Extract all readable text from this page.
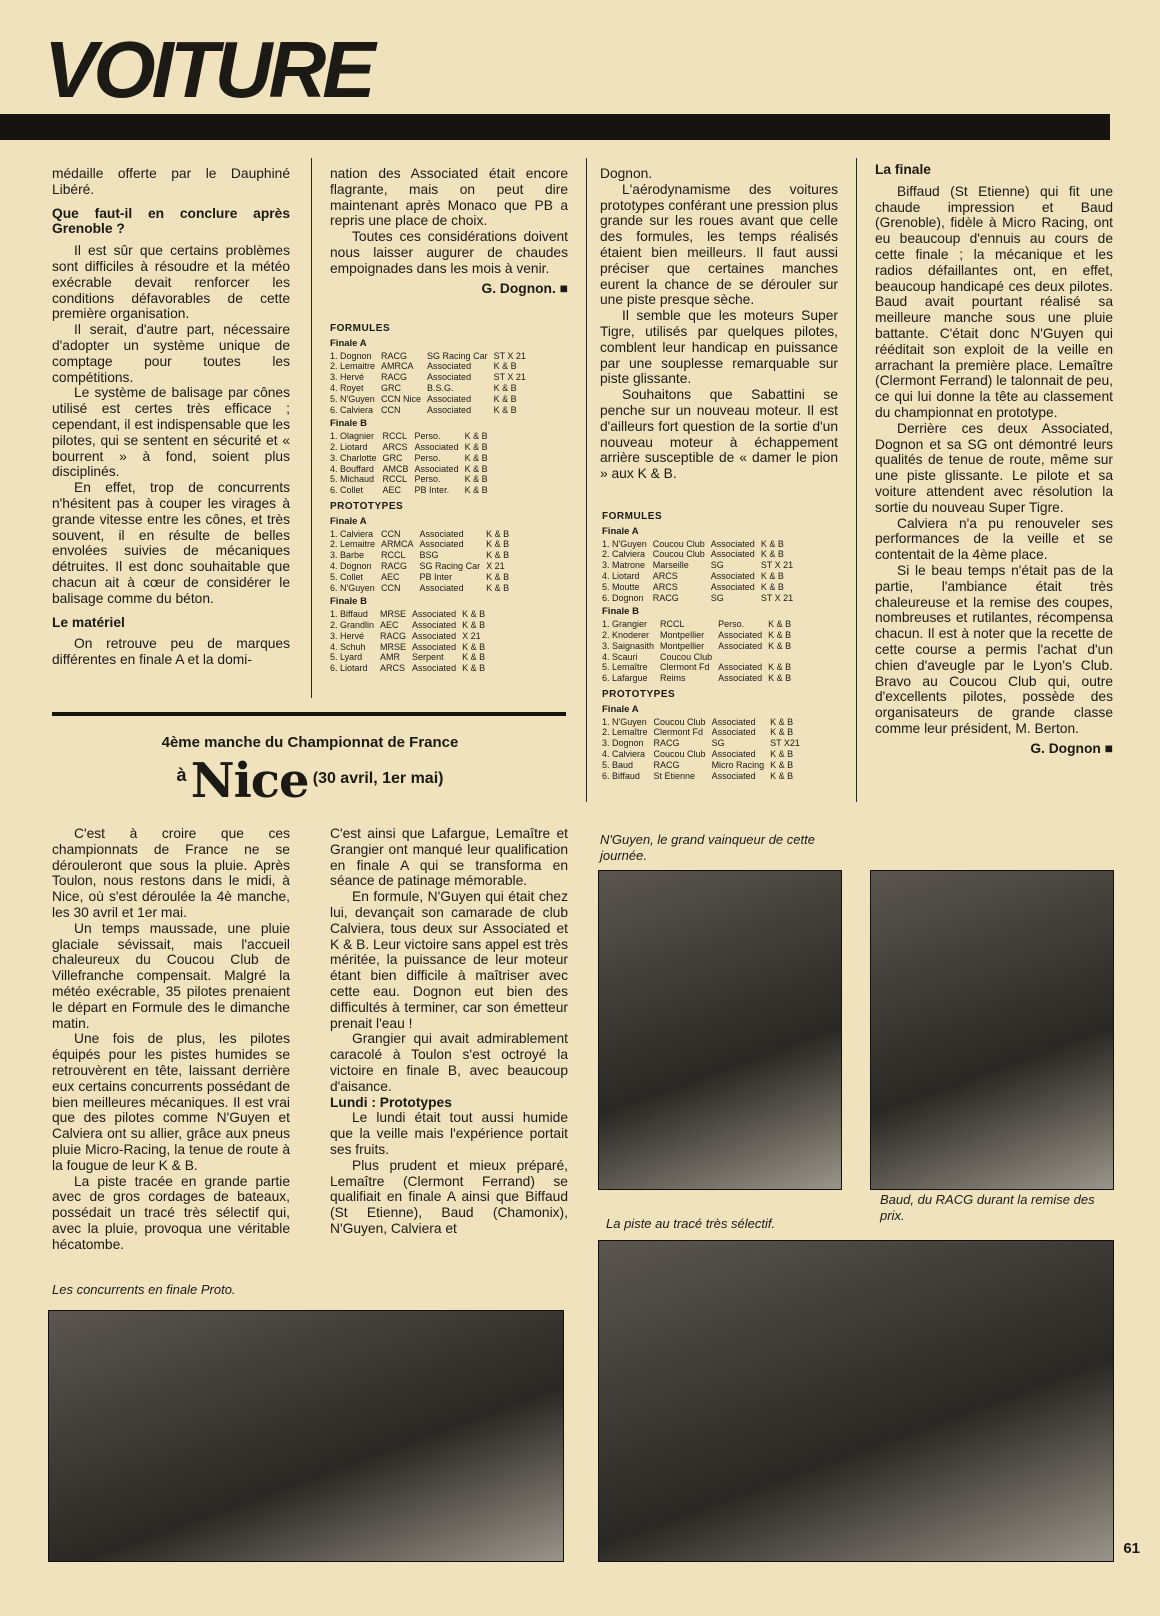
VOITURE

médaille offerte par le Dauphiné Libéré.

Que faut-il en conclure après Grenoble ?

Il est sûr que certains problèmes sont difficiles à résoudre et la météo exécrable devait renforcer les conditions défavorables de cette première organisation.

Il serait, d'autre part, nécessaire d'adopter un système unique de comptage pour toutes les compétitions.

Le système de balisage par cônes utilisé est certes très efficace ; cependant, il est indispensable que les pilotes, qui se sentent en sécurité et « bourrent » à fond, soient plus disciplinés.

En effet, trop de concurrents n'hésitent pas à couper les virages à grande vitesse entre les cônes, et très souvent, il en résulte de belles envolées suivies de mécaniques détruites. Il est donc souhaitable que chacun ait à cœur de considérer le balisage comme du béton.

Le matériel

On retrouve peu de marques différentes en finale A et la domi-

nation des Associated était encore flagrante, mais on peut dire maintenant après Monaco que PB a repris une place de choix.

Toutes ces considérations doivent nous laisser augurer de chaudes empoignades dans les mois à venir.

G. Dognon. ■
FORMULES
Finale A
1. Dognon	RACG	SG Racing Car	ST X 21
2. Lemaitre	AMRCA	Associated	K & B
3. Hervé	RACG	Associated	ST X 21
4. Royet	GRC	B.S.G.	K & B
5. N'Guyen	CCN Nice	Associated	K & B
6. Calviera	CCN	Associated	K & B
Finale B
1. Olagnier	RCCL	Perso.	K & B
2. Liotard	ARCS	Associated	K & B
3. Charlotte	GRC	Perso.	K & B
4. Bouffard	AMCB	Associated	K & B
5. Michaud	RCCL	Perso.	K & B
6. Collet	AEC	PB Inter.	K & B
PROTOTYPES
Finale A
1. Calviera	CCN	Associated	K & B
2. Lemaitre	ARMCA	Associated	K & B
3. Barbe	RCCL	BSG	K & B
4. Dognon	RACG	SG Racing Car	X 21
5. Collet	AEC	PB Inter	K & B
6. N'Guyen	CCN	Associated	K & B
Finale B
1. Biffaud	MRSE	Associated	K & B
2. Grandlin	AEC	Associated	K & B
3. Hervé	RACG	Associated	X 21
4. Schuh	MRSE	Associated	K & B
5. Lyard	AMR	Serpent	K & B
6. Liotard	ARCS	Associated	K & B

Dognon.

L'aérodynamisme des voitures prototypes conférant une pression plus grande sur les roues avant que celle des formules, les temps réalisés étaient bien meilleurs. Il faut aussi préciser que certaines manches eurent la chance de se dérouler sur une piste presque sèche.

Il semble que les moteurs Super Tigre, utilisés par quelques pilotes, comblent leur handicap en puissance par une souplesse remarquable sur piste glissante.

Souhaitons que Sabattini se penche sur un nouveau moteur. Il est d'ailleurs fort question de la sortie d'un nouveau moteur à échappement arrière susceptible de « damer le pion » aux K & B.

FORMULES
Finale A
1. N'Guyen	Coucou Club	Associated	K & B
2. Calviera	Coucou Club	Associated	K & B
3. Matrone	Marseille	SG	ST X 21
4. Liotard	ARCS	Associated	K & B
5. Moutte	ARCS	Associated	K & B
6. Dognon	RACG	SG	ST X 21
Finale B
1. Grangier	RCCL	Perso.	K & B
2. Knoderer	Montpellier	Associated	K & B
3. Saignasith	Montpellier	Associated	K & B
4. Scauri	Coucou Club		
5. Lemaître	Clermont Fd	Associated	K & B
6. Lafargue	Reims	Associated	K & B
PROTOTYPES
Finale A
1. N'Guyen	Coucou Club	Associated	K & B
2. Lemaître	Clermont Fd	Associated	K & B
3. Dognon	RACG	SG	ST X21
4. Calviera	Coucou Club	Associated	K & B
5. Baud	RACG	Micro Racing	K & B
6. Biffaud	St Etienne	Associated	K & B
La finale

Biffaud (St Etienne) qui fit une chaude impression et Baud (Grenoble), fidèle à Micro Racing, ont eu beaucoup d'ennuis au cours de cette finale ; la mécanique et les radios défaillantes ont, en effet, beaucoup handicapé ces deux pilotes. Baud avait pourtant réalisé sa meilleure manche sous une pluie battante. C'était donc N'Guyen qui rééditait son exploit de la veille en arrachant la première place. Lemaître (Clermont Ferrand) le talonnait de peu, ce qui lui donne la tête au classement du championnat en prototype.

Derrière ces deux Associated, Dognon et sa SG ont démontré leurs qualités de tenue de route, même sur une piste glissante. Le pilote et sa voiture attendent avec résolution la sortie du nouveau Super Tigre.

Calviera n'a pu renouveler ses performances de la veille et se contentait de la 4ème place.

Si le beau temps n'était pas de la partie, l'ambiance était très chaleureuse et la remise des coupes, nombreuses et rutilantes, récompensa chacun. Il est à noter que la recette de cette course a permis l'achat d'un chien d'aveugle par le Lyon's Club. Bravo au Coucou Club qui, outre d'excellents pilotes, possède des organisateurs de grande classe comme leur président, M. Berton.

G. Dognon ■
4ème manche du Championnat de France
à Nice (30 avril, 1er mai)

C'est à croire que ces championnats de France ne se dérouleront que sous la pluie. Après Toulon, nous restons dans le midi, à Nice, où s'est déroulée la 4è manche, les 30 avril et 1er mai.

Un temps maussade, une pluie glaciale sévissait, mais l'accueil chaleureux du Coucou Club de Villefranche compensait. Malgré la météo exécrable, 35 pilotes prenaient le départ en Formule des le dimanche matin.

Une fois de plus, les pilotes équipés pour les pistes humides se retrouvèrent en tête, laissant derrière eux certains concurrents possédant de bien meilleures mécaniques. Il est vrai que des pilotes comme N'Guyen et Calviera ont su allier, grâce aux pneus pluie Micro-Racing, la tenue de route à la fougue de leur K & B.

La piste tracée en grande partie avec de gros cordages de bateaux, possédait un tracé très sélectif qui, avec la pluie, provoqua une véritable hécatombe.

C'est ainsi que Lafargue, Lemaître et Grangier ont manqué leur qualification en finale A qui se transforma en séance de patinage mémorable.

En formule, N'Guyen qui était chez lui, devançait son camarade de club Calviera, tous deux sur Associated et K & B. Leur victoire sans appel est très méritée, la puissance de leur moteur étant bien difficile à maîtriser avec cette eau. Dognon eut bien des difficultés à terminer, car son émetteur prenait l'eau !

Grangier qui avait admirablement caracolé à Toulon s'est octroyé la victoire en finale B, avec beaucoup d'aisance.

Lundi : Prototypes

Le lundi était tout aussi humide que la veille mais l'expérience portait ses fruits.

Plus prudent et mieux préparé, Lemaître (Clermont Ferrand) se qualifiait en finale A ainsi que Biffaud (St Etienne), Baud (Chamonix), N'Guyen, Calviera et

Les concurrents en finale Proto.
N'Guyen, le grand vainqueur de cette journée.
Baud, du RACG durant la remise des prix.
La piste au tracé très sélectif.
61
